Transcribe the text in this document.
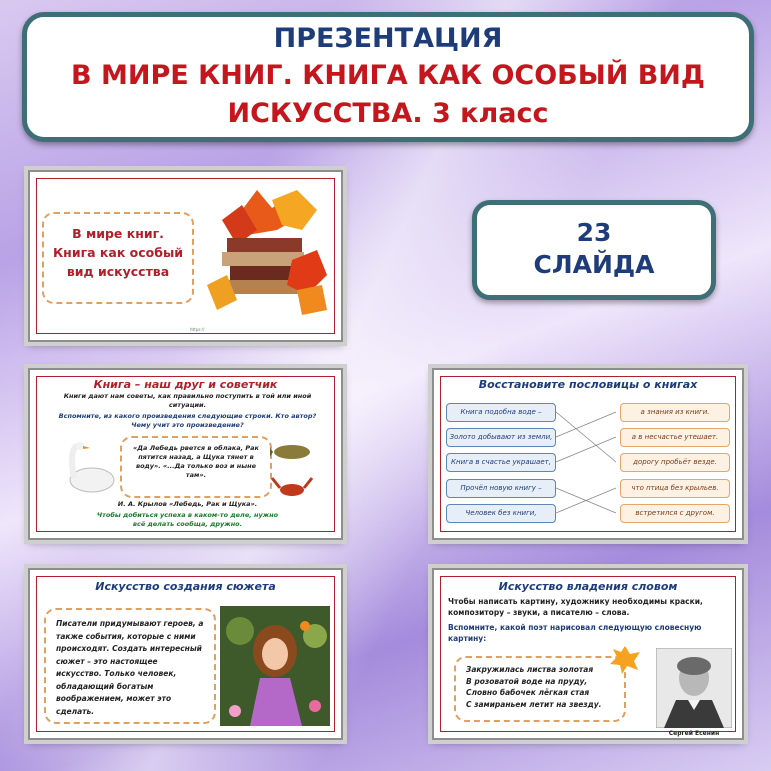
ПРЕЗЕНТАЦИЯ
В МИРЕ КНИГ. КНИГА КАК ОСОБЫЙ ВИД
ИСКУССТВА. 3 класс
В мире книг. Книга как особый вид искусства
https://
23
СЛАЙДА
Книга – наш друг и советчик
Книги дают нам советы, как правильно поступить в той или иной ситуации.
Вспомните, из какого произведения следующие строки. Кто автор? Чему учит это произведение?
«Да Лебедь рвется в облака, Рак пятится назад, а Щука тянет в воду». «...Да только воз и ныне там».
И. А. Крылов «Лебедь, Рак и Щука».
Чтобы добиться успеха в каком-то деле, нужно всё делать сообща, дружно.
Восстановите пословицы о книгах
Книга подобна воде –
Золото добывают из земли,
Книга в счастье украшает,
Прочёл новую книгу –
Человек без книги,
а знания из книги.
а в несчастье утешает.
дорогу пробьёт везде.
что птица без крыльев.
встретился с другом.
Искусство создания сюжета
Писатели придумывают героев, а также события, которые с ними происходят. Создать интересный сюжет – это настоящее искусство. Только человек, обладающий богатым воображением, может это сделать.
Искусство владения словом
Чтобы написать картину, художнику необходимы краски, композитору – звуки, а писателю – слова.
Вспомните, какой поэт нарисовал следующую словесную картину:
Закружилась листва золотая
В розоватой воде на пруду,
Словно бабочек лёгкая стая
С замираньем летит на звезду.
Сергей Есенин
